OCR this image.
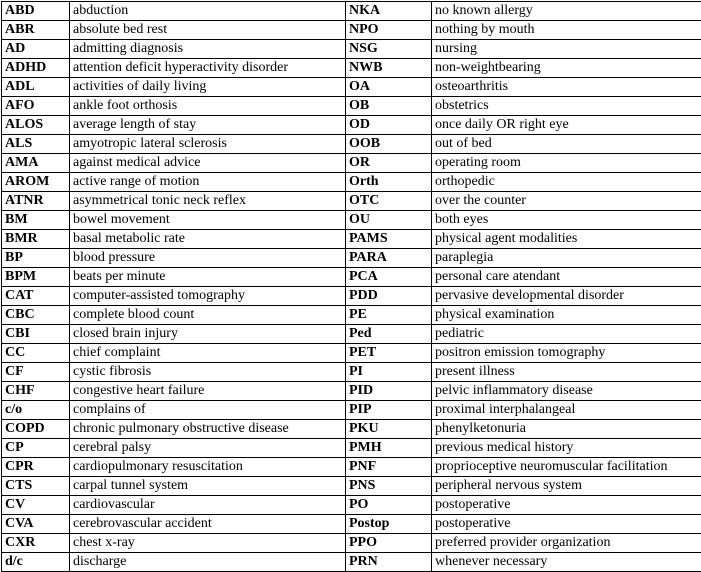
ABD	abduction	NKA	no known allergy
ABR	absolute bed rest	NPO	nothing by mouth
AD	admitting diagnosis	NSG	nursing
ADHD	attention deficit hyperactivity disorder	NWB	non-weightbearing
ADL	activities of daily living	OA	osteoarthritis
AFO	ankle foot orthosis	OB	obstetrics
ALOS	average length of stay	OD	once daily OR right eye
ALS	amyotropic lateral sclerosis	OOB	out of bed
AMA	against medical advice	OR	operating room
AROM	active range of motion	Orth	orthopedic
ATNR	asymmetrical tonic neck reflex	OTC	over the counter
BM	bowel movement	OU	both eyes
BMR	basal metabolic rate	PAMS	physical agent modalities
BP	blood pressure	PARA	paraplegia
BPM	beats per minute	PCA	personal care atendant
CAT	computer-assisted tomography	PDD	pervasive developmental disorder
CBC	complete blood count	PE	physical examination
CBI	closed brain injury	Ped	pediatric
CC	chief complaint	PET	positron emission tomography
CF	cystic fibrosis	PI	present illness
CHF	congestive heart failure	PID	pelvic inflammatory disease
c/o	complains of	PIP	proximal interphalangeal
COPD	chronic pulmonary obstructive disease	PKU	phenylketonuria
CP	cerebral palsy	PMH	previous medical history
CPR	cardiopulmonary resuscitation	PNF	proprioceptive neuromuscular facilitation
CTS	carpal tunnel system	PNS	peripheral nervous system
CV	cardiovascular	PO	postoperative
CVA	cerebrovascular accident	Postop	postoperative
CXR	chest x-ray	PPO	preferred provider organization
d/c	discharge	PRN	whenever necessary
